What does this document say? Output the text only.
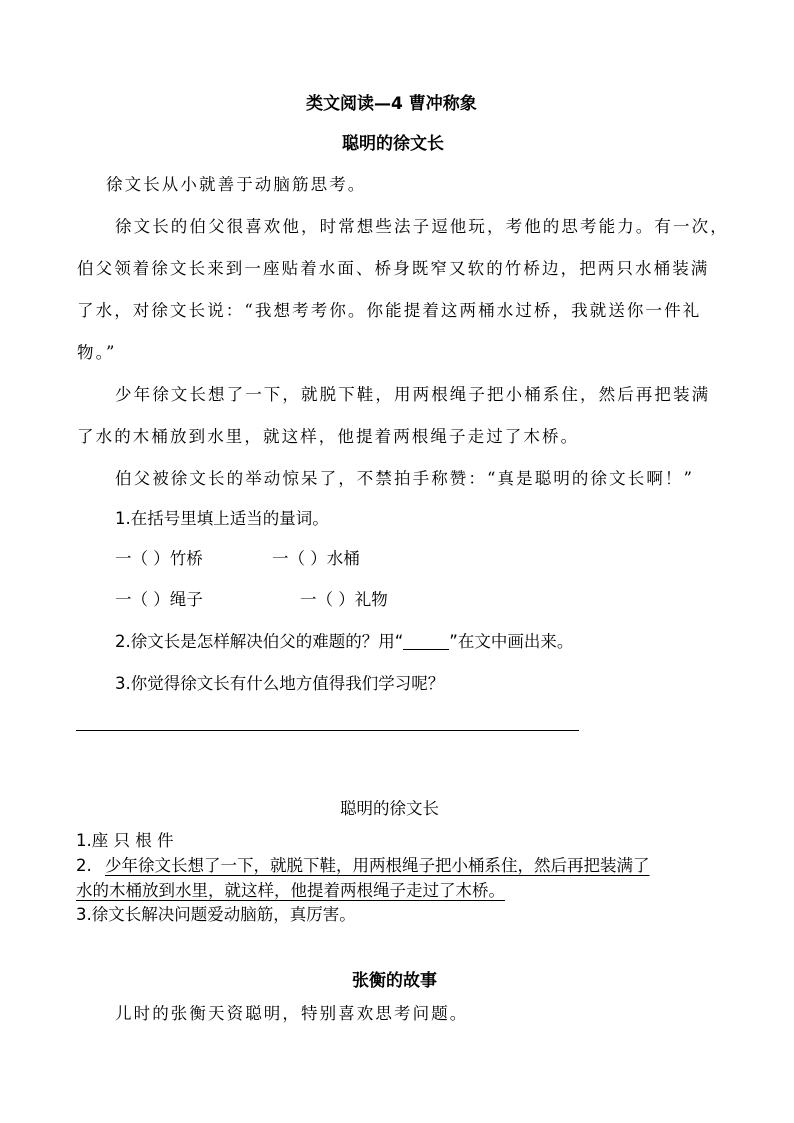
类文阅读—4 曹冲称象
聪明的徐文长
徐文长从小就善于动脑筋思考。
徐文长的伯父很喜欢他，时常想些法子逗他玩，考他的思考能力。有一次，
伯父领着徐文长来到一座贴着水面、桥身既窄又软的竹桥边，把两只水桶装满
了水，对徐文长说：“我想考考你。你能提着这两桶水过桥，我就送你一件礼
物。”
少年徐文长想了一下，就脱下鞋，用两根绳子把小桶系住，然后再把装满
了水的木桶放到水里，就这样，他提着两根绳子走过了木桥。
伯父被徐文长的举动惊呆了，不禁拍手称赞：“真是聪明的徐文长啊！”
1.在括号里填上适当的量词。
一（ ）竹桥	一（ ）水桶
一（ ）绳子	一（ ）礼物
2.徐文长是怎样解决伯父的难题的？用“	”在文中画出来。
3.你觉得徐文长有什么地方值得我们学习呢？
聪明的徐文长
1.座 只 根 件
2. 少年徐文长想了一下，就脱下鞋，用两根绳子把小桶系住，然后再把装满了
水的木桶放到水里，就这样，他提着两根绳子走过了木桥。
3.徐文长解决问题爱动脑筋，真厉害。
张衡的故事
儿时的张衡天资聪明，特别喜欢思考问题。
